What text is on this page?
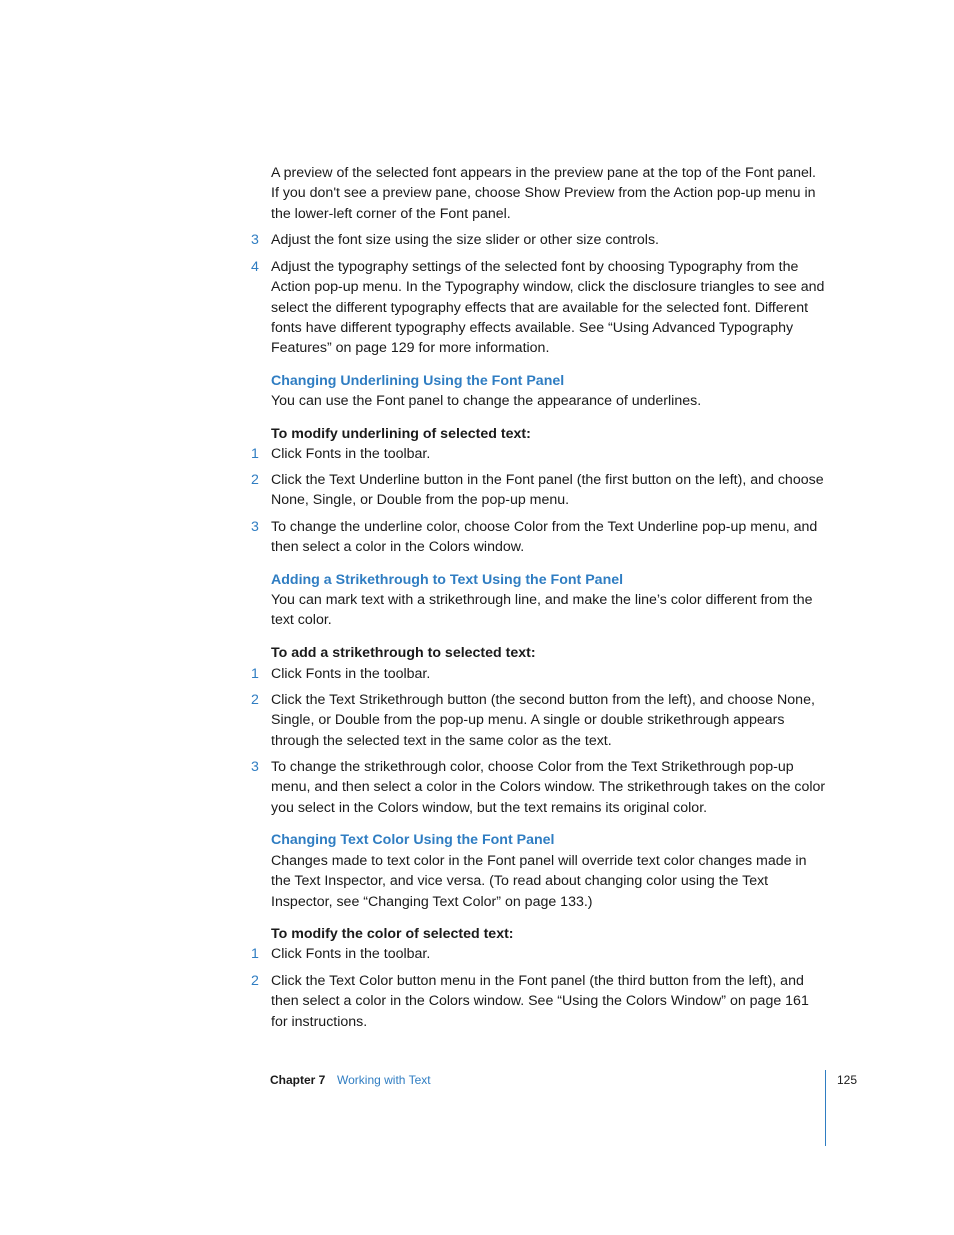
A preview of the selected font appears in the preview pane at the top of the Font panel. If you don't see a preview pane, choose Show Preview from the Action pop-up menu in the lower-left corner of the Font panel.

3 Adjust the font size using the size slider or other size controls.

4 Adjust the typography settings of the selected font by choosing Typography from the Action pop-up menu. In the Typography window, click the disclosure triangles to see and select the different typography effects that are available for the selected font. Different fonts have different typography effects available. See “Using Advanced Typography Features” on page 129 for more information.

Changing Underlining Using the Font Panel

You can use the Font panel to change the appearance of underlines.

To modify underlining of selected text:

1 Click Fonts in the toolbar.

2 Click the Text Underline button in the Font panel (the first button on the left), and choose None, Single, or Double from the pop-up menu.

3 To change the underline color, choose Color from the Text Underline pop-up menu, and then select a color in the Colors window.

Adding a Strikethrough to Text Using the Font Panel

You can mark text with a strikethrough line, and make the line’s color different from the text color.

To add a strikethrough to selected text:

1 Click Fonts in the toolbar.

2 Click the Text Strikethrough button (the second button from the left), and choose None, Single, or Double from the pop-up menu. A single or double strikethrough appears through the selected text in the same color as the text.

3 To change the strikethrough color, choose Color from the Text Strikethrough pop-up menu, and then select a color in the Colors window. The strikethrough takes on the color you select in the Colors window, but the text remains its original color.

Changing Text Color Using the Font Panel

Changes made to text color in the Font panel will override text color changes made in the Text Inspector, and vice versa. (To read about changing color using the Text Inspector, see “Changing Text Color” on page 133.)

To modify the color of selected text:

1 Click Fonts in the toolbar.

2 Click the Text Color button menu in the Font panel (the third button from the left), and then select a color in the Colors window. See “Using the Colors Window” on page 161 for instructions.

Chapter 7 Working with Text	125
